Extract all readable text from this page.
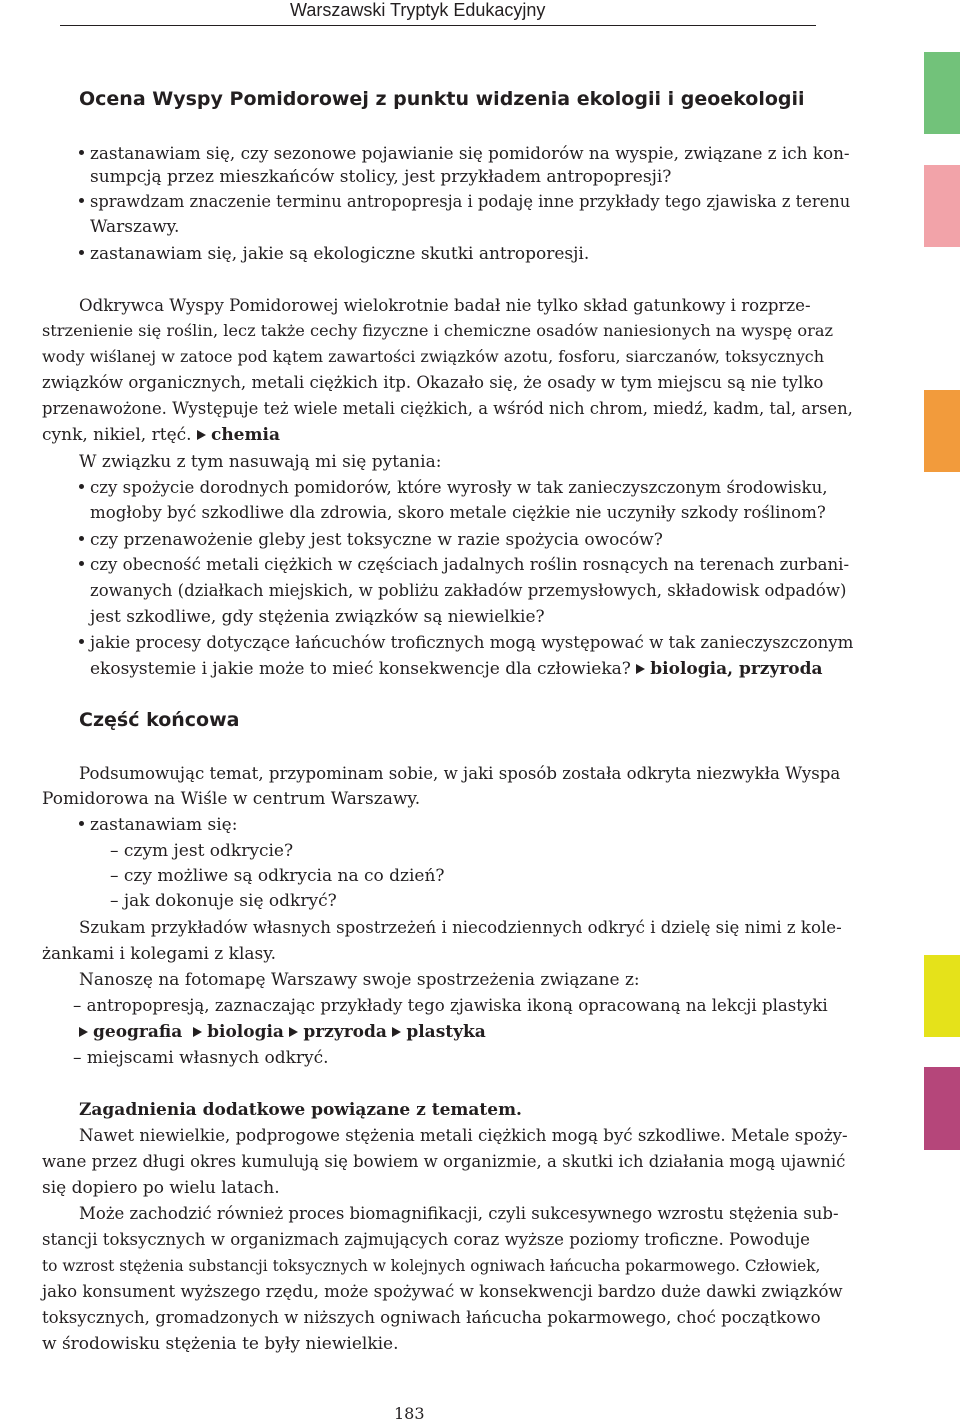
Warszawski Tryptyk Edukacyjny
Ocena Wyspy Pomidorowej z punktu widzenia ekologii i geoekologii
zastanawiam się, czy sezonowe pojawianie się pomidorów na wyspie, związane z ich kon-
sumpcją przez mieszkańców stolicy, jest przykładem antropopresji?
sprawdzam znaczenie terminu antropopresja i podaję inne przykłady tego zjawiska z terenu
Warszawy.
zastanawiam się, jakie są ekologiczne skutki antroporesji.
Odkrywca Wyspy Pomidorowej wielokrotnie badał nie tylko skład gatunkowy i rozprze-
strzenienie się roślin, lecz także cechy fizyczne i chemiczne osadów naniesionych na wyspę oraz
wody wiślanej w zatoce pod kątem zawartości związków azotu, fosforu, siarczanów, toksycznych
związków organicznych, metali ciężkich itp. Okazało się, że osady w tym miejscu są nie tylko
przenawożone. Występuje też wiele metali ciężkich, a wśród nich chrom, miedź, kadm, tal, arsen,
cynk, nikiel, rtęć. chemia
W związku z tym nasuwają mi się pytania:
czy spożycie dorodnych pomidorów, które wyrosły w tak zanieczyszczonym środowisku,
mogłoby być szkodliwe dla zdrowia, skoro metale ciężkie nie uczyniły szkody roślinom?
czy przenawożenie gleby jest toksyczne w razie spożycia owoców?
czy obecność metali ciężkich w częściach jadalnych roślin rosnących na terenach zurbani-
zowanych (działkach miejskich, w pobliżu zakładów przemysłowych, składowisk odpadów)
jest szkodliwe, gdy stężenia związków są niewielkie?
jakie procesy dotyczące łańcuchów troficznych mogą występować w tak zanieczyszczonym
ekosystemie i jakie może to mieć konsekwencje dla człowieka? biologia, przyroda
Część końcowa
Podsumowując temat, przypominam sobie, w jaki sposób została odkryta niezwykła Wyspa
Pomidorowa na Wiśle w centrum Warszawy.
zastanawiam się:
– czym jest odkrycie?
– czy możliwe są odkrycia na co dzień?
– jak dokonuje się odkryć?
Szukam przykładów własnych spostrzeżeń i niecodziennych odkryć i dzielę się nimi z kole-
żankami i kolegami z klasy.
Nanoszę na fotomapę Warszawy swoje spostrzeżenia związane z:
– antropopresją, zaznaczając przykłady tego zjawiska ikoną opracowaną na lekcji plastyki
geografia biologia przyroda plastyka
– miejscami własnych odkryć.
Zagadnienia dodatkowe powiązane z tematem.
Nawet niewielkie, podprogowe stężenia metali ciężkich mogą być szkodliwe. Metale spoży-
wane przez długi okres kumulują się bowiem w organizmie, a skutki ich działania mogą ujawnić
się dopiero po wielu latach.
Może zachodzić również proces biomagnifikacji, czyli sukcesywnego wzrostu stężenia sub-
stancji toksycznych w organizmach zajmujących coraz wyższe poziomy troficzne. Powoduje
to wzrost stężenia substancji toksycznych w kolejnych ogniwach łańcucha pokarmowego. Człowiek,
jako konsument wyższego rzędu, może spożywać w konsekwencji bardzo duże dawki związków
toksycznych, gromadzonych w niższych ogniwach łańcucha pokarmowego, choć początkowo
w środowisku stężenia te były niewielkie.
183
